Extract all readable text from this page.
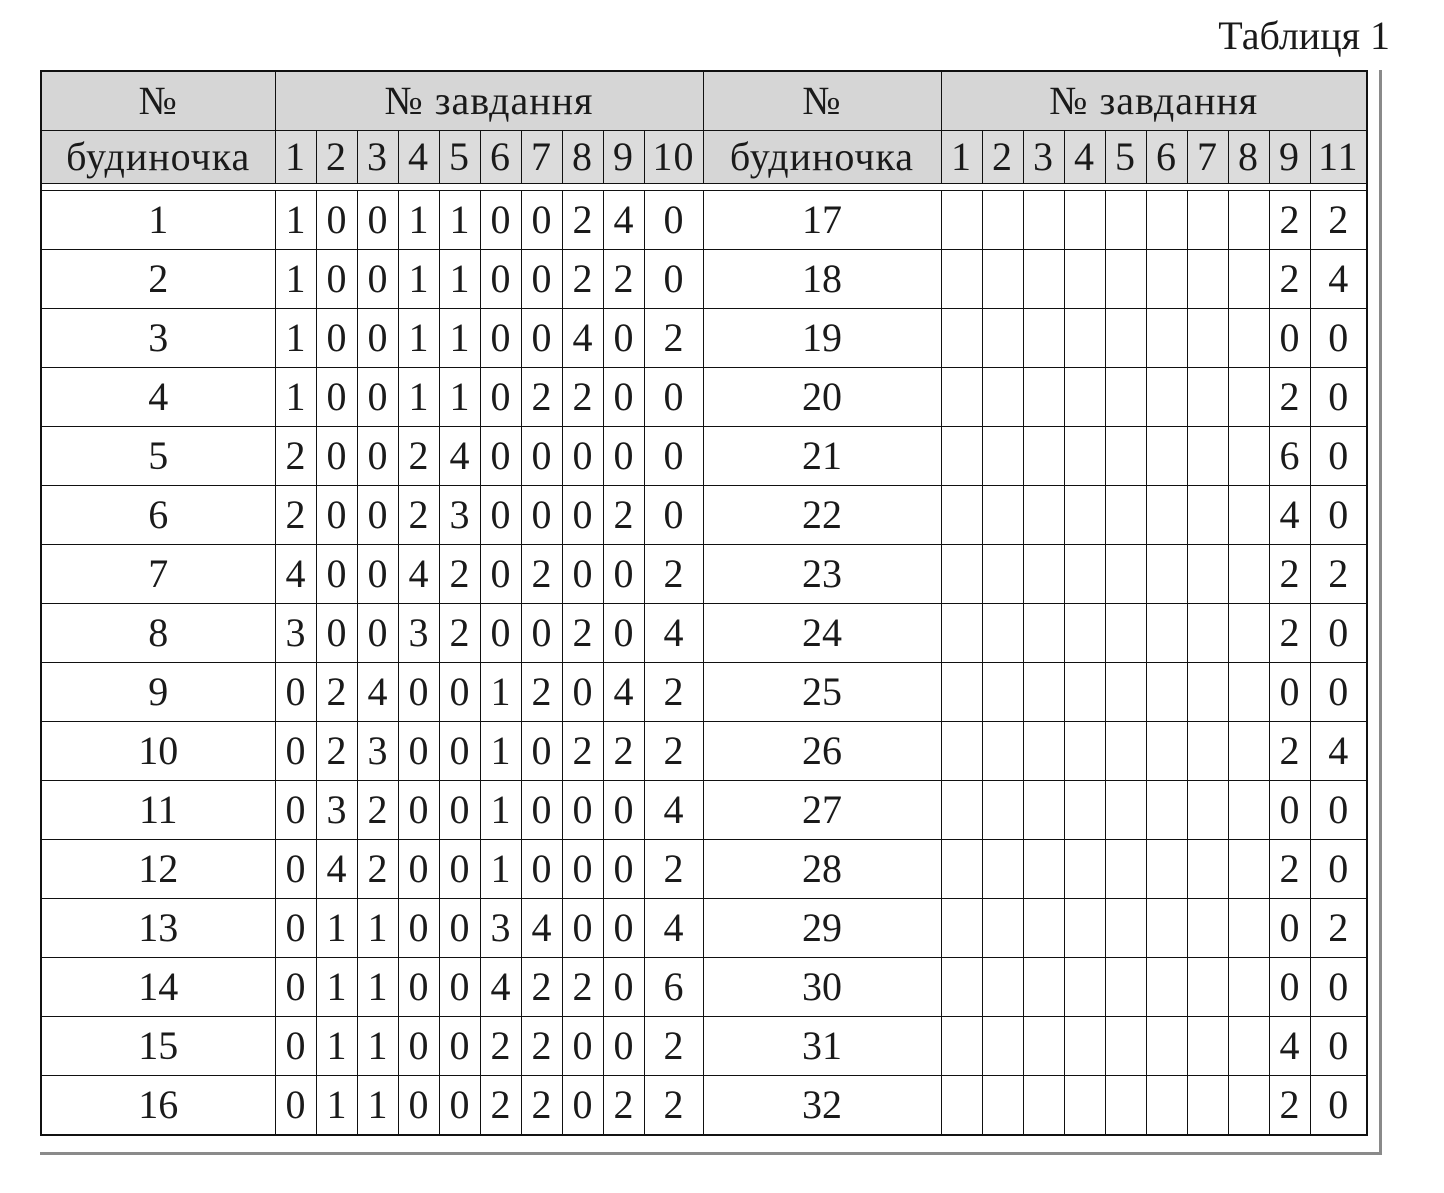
Таблиця 1
№	№ завдання										№	№ завдання									
будиночка	1	2	3	4	5	6	7	8	9	10	будиночка	1	2	3	4	5	6	7	8	9	11

1	1	0	0	1	1	0	0	2	4	0	17									2	2
2	1	0	0	1	1	0	0	2	2	0	18									2	4
3	1	0	0	1	1	0	0	4	0	2	19									0	0
4	1	0	0	1	1	0	2	2	0	0	20									2	0
5	2	0	0	2	4	0	0	0	0	0	21									6	0
6	2	0	0	2	3	0	0	0	2	0	22									4	0
7	4	0	0	4	2	0	2	0	0	2	23									2	2
8	3	0	0	3	2	0	0	2	0	4	24									2	0
9	0	2	4	0	0	1	2	0	4	2	25									0	0
10	0	2	3	0	0	1	0	2	2	2	26									2	4
11	0	3	2	0	0	1	0	0	0	4	27									0	0
12	0	4	2	0	0	1	0	0	0	2	28									2	0
13	0	1	1	0	0	3	4	0	0	4	29									0	2
14	0	1	1	0	0	4	2	2	0	6	30									0	0
15	0	1	1	0	0	2	2	0	0	2	31									4	0
16	0	1	1	0	0	2	2	0	2	2	32									2	0
